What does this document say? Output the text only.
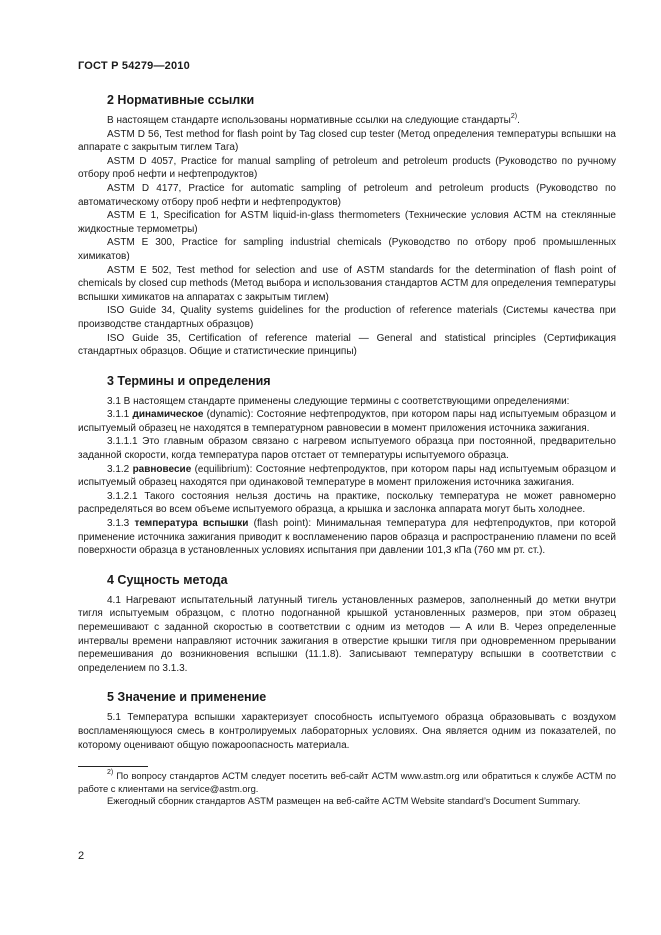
ГОСТ Р 54279—2010
2 Нормативные ссылки

В настоящем стандарте использованы нормативные ссылки на следующие стандарты$^{2)}$.

ASTM D 56, Test method for flash point by Tag closed cup tester (Метод определения температуры вспышки на аппарате с закрытым тиглем Тага)

ASTM D 4057, Practice for manual sampling of petroleum and petroleum products (Руководство по ручному отбору проб нефти и нефтепродуктов)

ASTM D 4177, Practice for automatic sampling of petroleum and petroleum products (Руководство по автоматическому отбору проб нефти и нефтепродуктов)

ASTM E 1, Specification for ASTM liquid-in-glass thermometers (Технические условия АСТМ на стеклянные жидкостные термометры)

ASTM E 300, Practice for sampling industrial chemicals (Руководство по отбору проб промышленных химикатов)

ASTM E 502, Test method for selection and use of ASTM standards for the determination of flash point of chemicals by closed cup methods (Метод выбора и использования стандартов АСТМ для определения температуры вспышки химикатов на аппаратах с закрытым тиглем)

ISO Guide 34, Quality systems guidelines for the production of reference materials (Системы качества при производстве стандартных образцов)

ISO Guide 35, Certification of reference material — General and statistical principles (Сертификация стандартных образцов. Общие и статистические принципы)

3 Термины и определения

3.1 В настоящем стандарте применены следующие термины с соответствующими определениями:

3.1.1 динамическое (dynamic): Состояние нефтепродуктов, при котором пары над испытуемым образцом и испытуемый образец не находятся в температурном равновесии в момент приложения источника зажигания.

3.1.1.1 Это главным образом связано с нагревом испытуемого образца при постоянной, предварительно заданной скорости, когда температура паров отстает от температуры испытуемого образца.

3.1.2 равновесие (equilibrium): Состояние нефтепродуктов, при котором пары над испытуемым образцом и испытуемый образец находятся при одинаковой температуре в момент приложения источника зажигания.

3.1.2.1 Такого состояния нельзя достичь на практике, поскольку температура не может равномерно распределяться во всем объеме испытуемого образца, а крышка и заслонка аппарата могут быть холоднее.

3.1.3 температура вспышки (flash point): Минимальная температура для нефтепродуктов, при которой применение источника зажигания приводит к воспламенению паров образца и распространению пламени по всей поверхности образца в установленных условиях испытания при давлении 101,3 кПа (760 мм рт. ст.).

4 Сущность метода

4.1 Нагревают испытательный латунный тигель установленных размеров, заполненный до метки внутри тигля испытуемым образцом, с плотно подогнанной крышкой установленных размеров, при этом образец перемешивают с заданной скоростью в соответствии с одним из методов — А или В. Через определенные интервалы времени направляют источник зажигания в отверстие крышки тигля при одновременном прерывании перемешивания до возникновения вспышки (11.1.8). Записывают температуру вспышки в соответствии с определением по 3.1.3.

5 Значение и применение

5.1 Температура вспышки характеризует способность испытуемого образца образовывать с воздухом воспламеняющуюся смесь в контролируемых лабораторных условиях. Она является одним из показателей, по которому оценивают общую пожароопасность материала.

$^{2)}$ По вопросу стандартов АСТМ следует посетить веб-сайт АСТМ www.astm.org или обратиться к службе АСТМ по работе с клиентами на service@astm.org.

Ежегодный сборник стандартов ASTM размещен на веб-сайте ACTM Website standard’s Document Summary.

2
